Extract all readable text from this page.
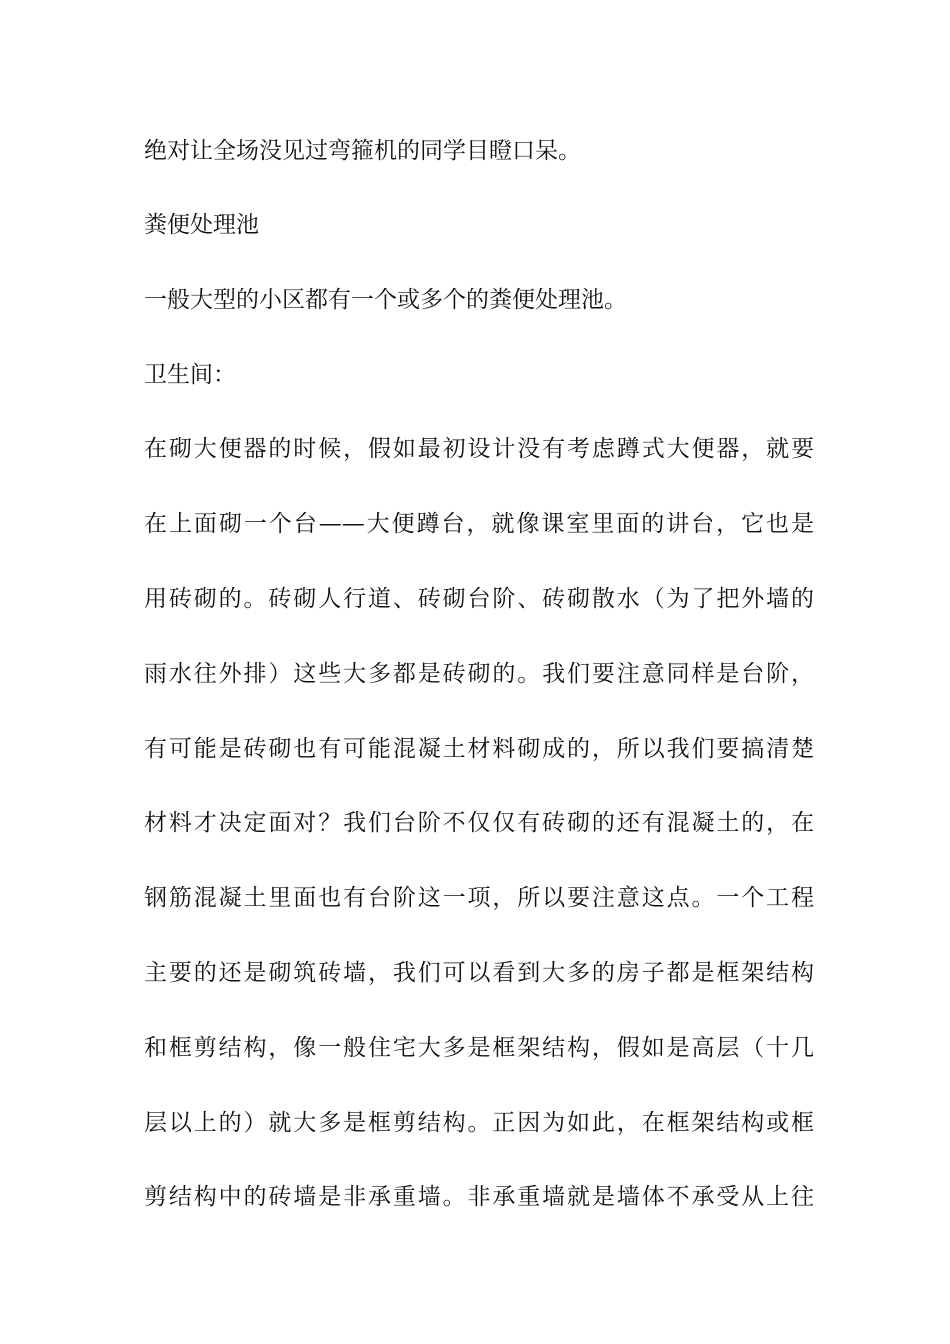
绝对让全场没见过弯箍机的同学目瞪口呆。
粪便处理池
一般大型的小区都有一个或多个的粪便处理池。
卫生间：
在砌大便器的时候，假如最初设计没有考虑蹲式大便器，就要
在上面砌一个台——大便蹲台，就像课室里面的讲台，它也是
用砖砌的。砖砌人行道、砖砌台阶、砖砌散水（为了把外墙的
雨水往外排）这些大多都是砖砌的。我们要注意同样是台阶，
有可能是砖砌也有可能混凝土材料砌成的，所以我们要搞清楚
材料才决定面对？我们台阶不仅仅有砖砌的还有混凝土的，在
钢筋混凝土里面也有台阶这一项，所以要注意这点。一个工程
主要的还是砌筑砖墙，我们可以看到大多的房子都是框架结构
和框剪结构，像一般住宅大多是框架结构，假如是高层（十几
层以上的）就大多是框剪结构。正因为如此，在框架结构或框
剪结构中的砖墙是非承重墙。非承重墙就是墙体不承受从上往
